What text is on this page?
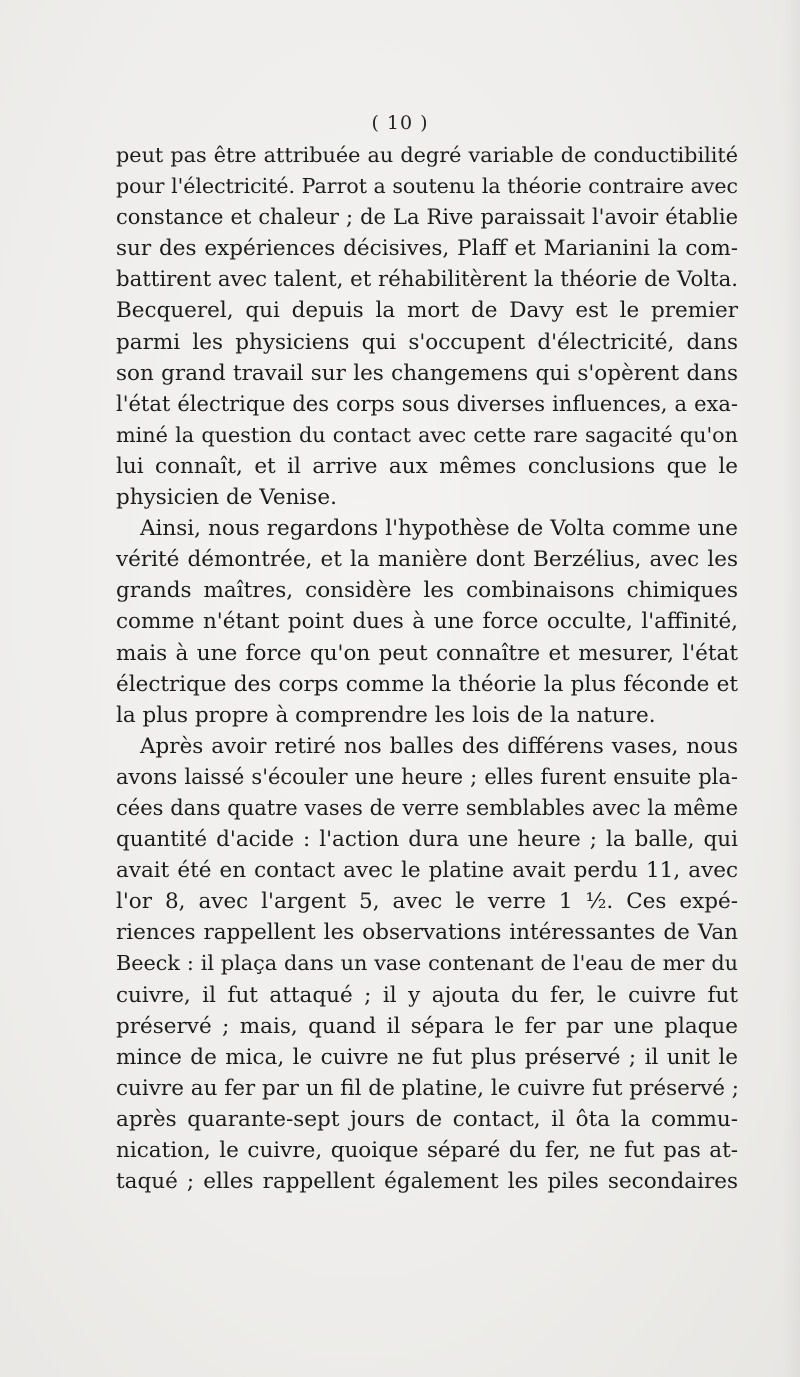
( 10 )
peut pas être attribuée au degré variable de conductibilité
pour l'électricité. Parrot a soutenu la théorie contraire avec
constance et chaleur ; de La Rive paraissait l'avoir établie
sur des expériences décisives, Plaff et Marianini la com-
battirent avec talent, et réhabilitèrent la théorie de Volta.
Becquerel, qui depuis la mort de Davy est le premier
parmi les physiciens qui s'occupent d'électricité, dans
son grand travail sur les changemens qui s'opèrent dans
l'état électrique des corps sous diverses influences, a exa-
miné la question du contact avec cette rare sagacité qu'on
lui connaît, et il arrive aux mêmes conclusions que le
physicien de Venise.
Ainsi, nous regardons l'hypothèse de Volta comme une
vérité démontrée, et la manière dont Berzélius, avec les
grands maîtres, considère les combinaisons chimiques
comme n'étant point dues à une force occulte, l'affinité,
mais à une force qu'on peut connaître et mesurer, l'état
électrique des corps comme la théorie la plus féconde et
la plus propre à comprendre les lois de la nature.
Après avoir retiré nos balles des différens vases, nous
avons laissé s'écouler une heure ; elles furent ensuite pla-
cées dans quatre vases de verre semblables avec la même
quantité d'acide : l'action dura une heure ; la balle, qui
avait été en contact avec le platine avait perdu 11, avec
l'or 8, avec l'argent 5, avec le verre 1 ½. Ces expé-
riences rappellent les observations intéressantes de Van
Beeck : il plaça dans un vase contenant de l'eau de mer du
cuivre, il fut attaqué ; il y ajouta du fer, le cuivre fut
préservé ; mais, quand il sépara le fer par une plaque
mince de mica, le cuivre ne fut plus préservé ; il unit le
cuivre au fer par un fil de platine, le cuivre fut préservé ;
après quarante-sept jours de contact, il ôta la commu-
nication, le cuivre, quoique séparé du fer, ne fut pas at-
taqué ; elles rappellent également les piles secondaires
